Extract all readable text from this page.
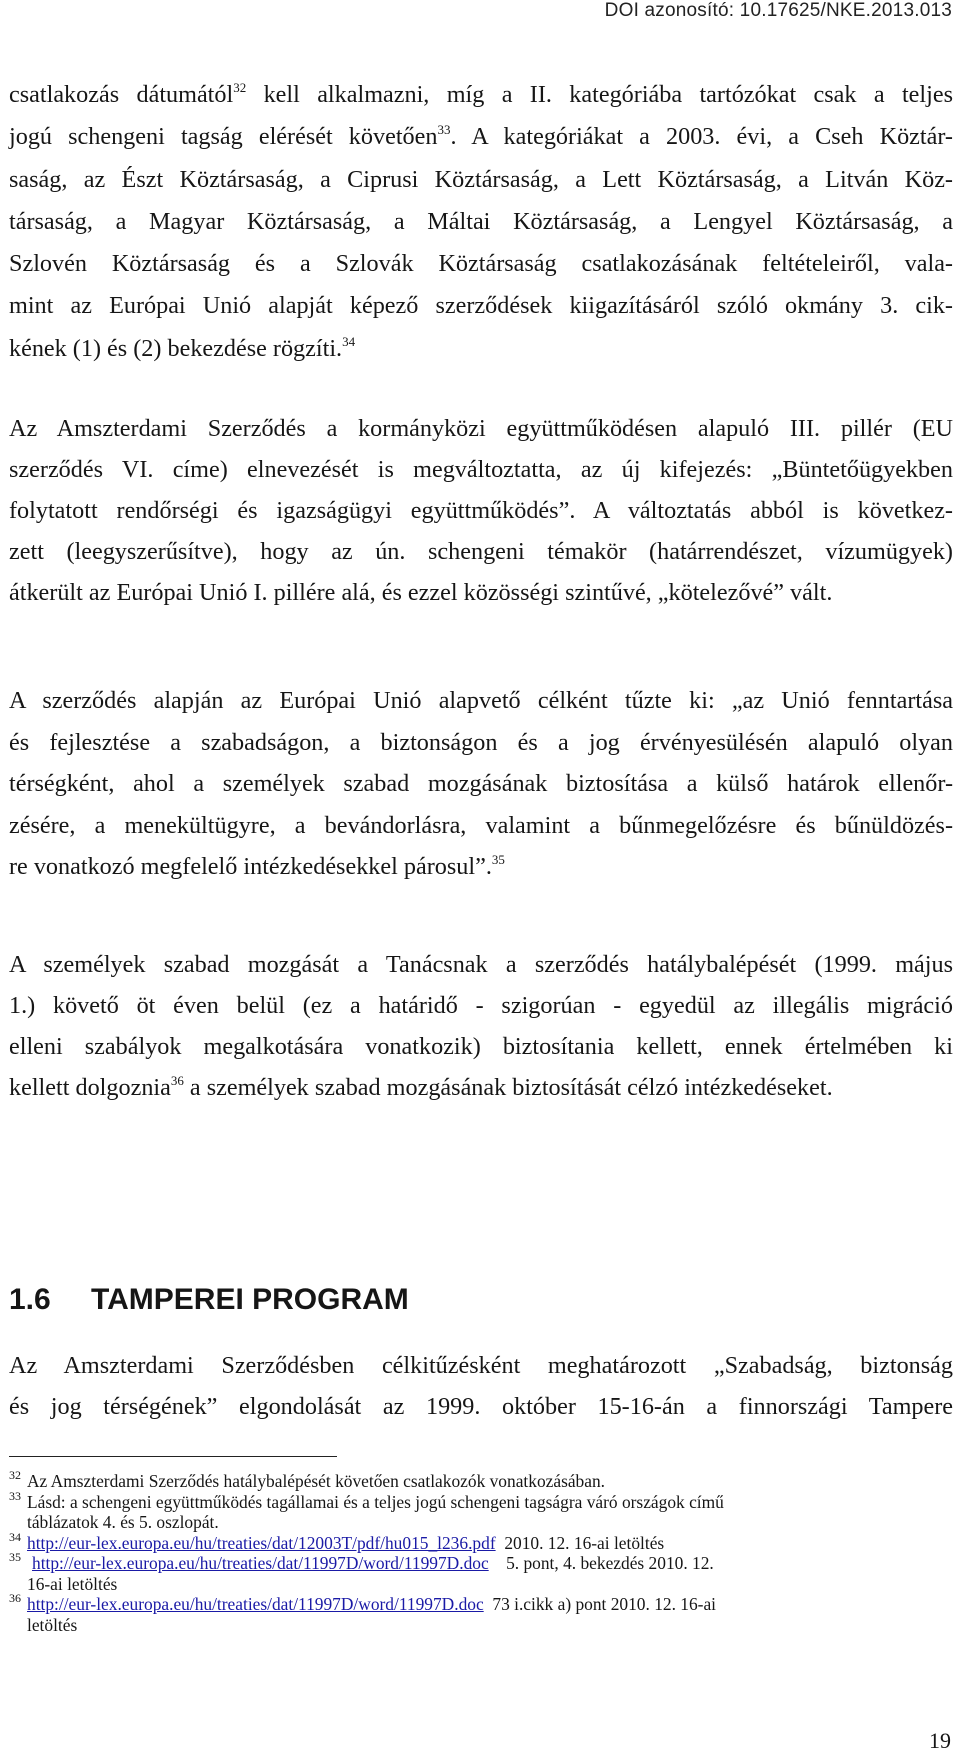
DOI azonosító: 10.17625/NKE.2013.013

csatlakozás dátumától$^{32}$ kell alkalmazni, míg a II. kategóriába tartózókat csak a teljes
jogú schengeni tagság elérését követően$^{33}$. A kategóriákat a 2003. évi, a Cseh Köztár-
saság, az Észt Köztársaság, a Ciprusi Köztársaság, a Lett Köztársaság, a Litván Köz-
társaság, a Magyar Köztársaság, a Máltai Köztársaság, a Lengyel Köztársaság, a
Szlovén Köztársaság és a Szlovák Köztársaság csatlakozásának feltételeiről, vala-
mint az Európai Unió alapját képező szerződések kiigazításáról szóló okmány 3. cik-
kének (1) és (2) bekezdése rögzíti.$^{34}$

Az Amszterdami Szerződés a kormányközi együttműködésen alapuló III. pillér (EU
szerződés VI. címe) elnevezését is megváltoztatta, az új kifejezés: „Büntetőügyekben
folytatott rendőrségi és igazságügyi együttműködés”. A változtatás abból is következ-
zett (leegyszerűsítve), hogy az ún. schengeni témakör (határrendészet, vízumügyek)
átkerült az Európai Unió I. pillére alá, és ezzel közösségi szintűvé, „kötelezővé” vált.

A szerződés alapján az Európai Unió alapvető célként tűzte ki: „az Unió fenntartása
és fejlesztése a szabadságon, a biztonságon és a jog érvényesülésén alapuló olyan
térségként, ahol a személyek szabad mozgásának biztosítása a külső határok ellenőr-
zésére, a menekültügyre, a bevándorlásra, valamint a bűnmegelőzésre és bűnüldözés-
re vonatkozó megfelelő intézkedésekkel párosul”.$^{35}$

A személyek szabad mozgását a Tanácsnak a szerződés hatálybalépését (1999. május
1.) követő öt éven belül (ez a határidő - szigorúan - egyedül az illegális migráció
elleni szabályok megalkotására vonatkozik) biztosítania kellett, ennek értelmében ki
kellett dolgoznia$^{36}$ a személyek szabad mozgásának biztosítását célzó intézkedéseket.

1.6 TAMPEREI PROGRAM

Az Amszterdami Szerződésben célkitűzésként meghatározott „Szabadság, biztonság
és jog térségének” elgondolását az 1999. október 15-16-án a finnországi Tampere

32 Az Amszterdami Szerződés hatálybalépését követően csatlakozók vonatkozásában.
33 Lásd: a schengeni együttműködés tagállamai és a teljes jogú schengeni tagságra váró országok című
táblázatok 4. és 5. oszlopát.
34 http://eur-lex.europa.eu/hu/treaties/dat/12003T/pdf/hu015_l236.pdf 2010. 12. 16-ai letöltés
35 http://eur-lex.europa.eu/hu/treaties/dat/11997D/word/11997D.doc 5. pont, 4. bekezdés 2010. 12.
16-ai letöltés
36 http://eur-lex.europa.eu/hu/treaties/dat/11997D/word/11997D.doc 73 i.cikk a) pont 2010. 12. 16-ai
letöltés
19
